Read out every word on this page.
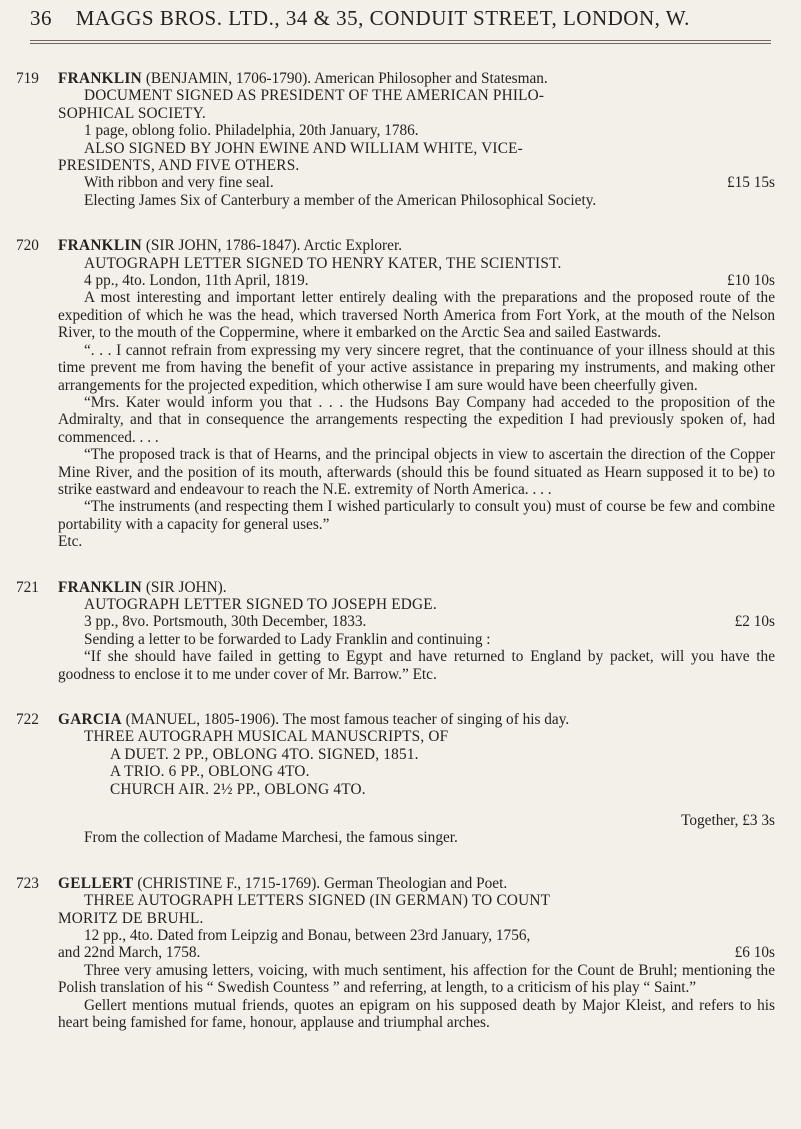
36 MAGGS BROS. LTD., 34 & 35, CONDUIT STREET, LONDON, W.
719 FRANKLIN (BENJAMIN, 1706-1790). American Philosopher and Statesman.

DOCUMENT SIGNED AS PRESIDENT OF THE AMERICAN PHILO-

SOPHICAL SOCIETY.

1 page, oblong folio. Philadelphia, 20th January, 1786.

ALSO SIGNED BY JOHN EWINE AND WILLIAM WHITE, VICE-

PRESIDENTS, AND FIVE OTHERS.

With ribbon and very fine seal.	£15 15s

Electing James Six of Canterbury a member of the American Philosophical Society.

720 FRANKLIN (SIR JOHN, 1786-1847). Arctic Explorer.

AUTOGRAPH LETTER SIGNED TO HENRY KATER, THE SCIENTIST.

4 pp., 4to. London, 11th April, 1819.	£10 10s

A most interesting and important letter entirely dealing with the preparations and the proposed route of the expedition of which he was the head, which traversed North America from Fort York, at the mouth of the Nelson River, to the mouth of the Coppermine, where it embarked on the Arctic Sea and sailed Eastwards.

“. . . I cannot refrain from expressing my very sincere regret, that the continuance of your illness should at this time prevent me from having the benefit of your active assistance in preparing my instruments, and making other arrangements for the projected expedition, which otherwise I am sure would have been cheerfully given.

“Mrs. Kater would inform you that . . . the Hudsons Bay Company had acceded to the proposition of the Admiralty, and that in consequence the arrangements respecting the expedition I had previously spoken of, had commenced. . . .

“The proposed track is that of Hearns, and the principal objects in view to ascertain the direction of the Copper Mine River, and the position of its mouth, afterwards (should this be found situated as Hearn supposed it to be) to strike eastward and endeavour to reach the N.E. extremity of North America. . . .

“The instruments (and respecting them I wished particularly to consult you) must of course be few and combine portability with a capacity for general uses.”

Etc.

721 FRANKLIN (SIR JOHN).

AUTOGRAPH LETTER SIGNED TO JOSEPH EDGE.

3 pp., 8vo. Portsmouth, 30th December, 1833.	£2 10s

Sending a letter to be forwarded to Lady Franklin and continuing :

“If she should have failed in getting to Egypt and have returned to England by packet, will you have the goodness to enclose it to me under cover of Mr. Barrow.” Etc.

722 GARCIA (MANUEL, 1805-1906). The most famous teacher of singing of his day.

THREE AUTOGRAPH MUSICAL MANUSCRIPTS, OF

A DUET. 2 PP., OBLONG 4TO. SIGNED, 1851.

A TRIO. 6 PP., OBLONG 4TO.

CHURCH AIR. 2½ PP., OBLONG 4TO.

Together, £3 3s

From the collection of Madame Marchesi, the famous singer.

723 GELLERT (CHRISTINE F., 1715-1769). German Theologian and Poet.

THREE AUTOGRAPH LETTERS SIGNED (IN GERMAN) TO COUNT

MORITZ DE BRUHL.

12 pp., 4to. Dated from Leipzig and Bonau, between 23rd January, 1756,

and 22nd March, 1758.	£6 10s

Three very amusing letters, voicing, with much sentiment, his affection for the Count de Bruhl; mentioning the Polish translation of his “ Swedish Countess ” and referring, at length, to a criticism of his play “ Saint.”

Gellert mentions mutual friends, quotes an epigram on his supposed death by Major Kleist, and refers to his heart being famished for fame, honour, applause and triumphal arches.
